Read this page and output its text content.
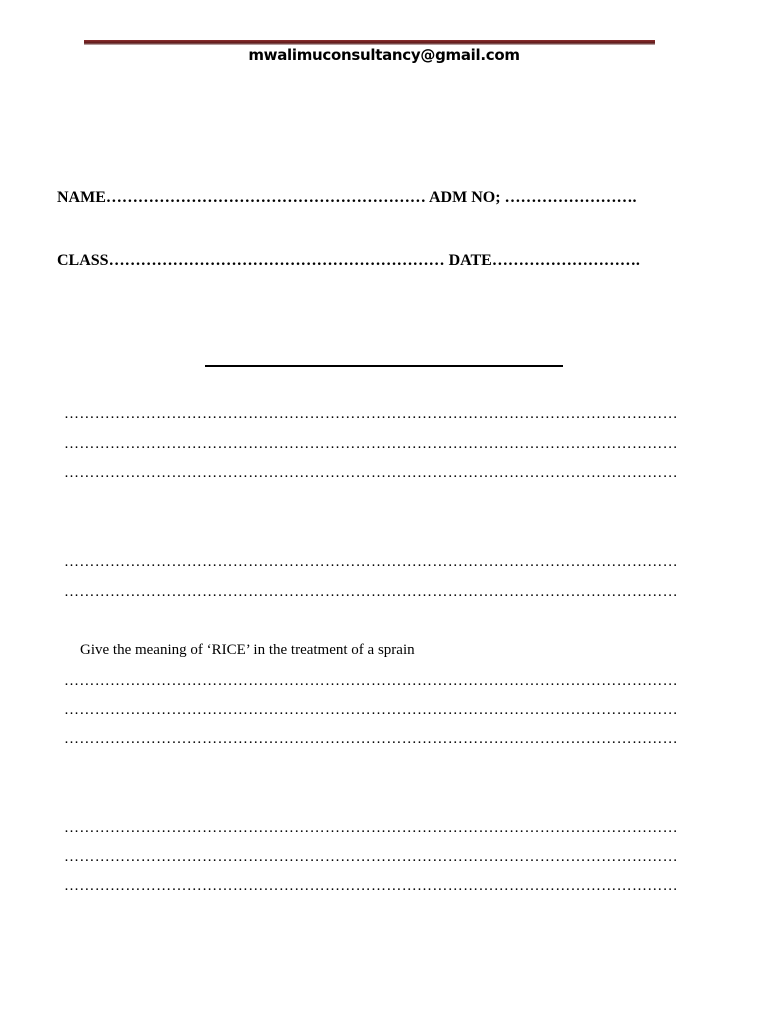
mwalimuconsultancy@gmail.com
NAME…………………………………………………… ADM NO; …………………….
CLASS……………………………………………………… DATE……………………….
…………………………………………………………………………………………………………
…………………………………………………………………………………………………………
…………………………………………………………………………………………………………
…………………………………………………………………………………………………………
…………………………………………………………………………………………………………
Give the meaning of ‘RICE’ in the treatment of a sprain
…………………………………………………………………………………………………………
…………………………………………………………………………………………………………
…………………………………………………………………………………………………………
…………………………………………………………………………………………………………
…………………………………………………………………………………………………………
…………………………………………………………………………………………………………
